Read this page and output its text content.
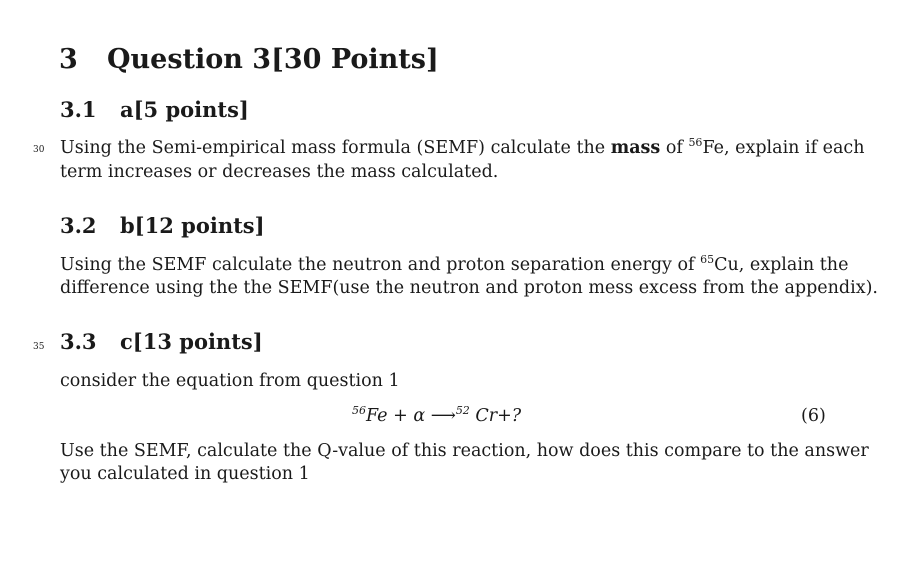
3 Question 3[30 Points]
3.1 a[5 points]
30 Using the Semi-empirical mass formula (SEMF) calculate the mass of $^{56}$Fe, explain if each
term increases or decreases the mass calculated.
3.2 b[12 points]
Using the SEMF calculate the neutron and proton separation energy of $^{65}$Cu, explain the
difference using the the SEMF(use the neutron and proton mess excess from the appendix).
35 3.3 c[13 points]
consider the equation from question 1
$^{56}$Fe + α ⟶$^{52}$ Cr+?	(6)
Use the SEMF, calculate the Q-value of this reaction, how does this compare to the answer
you calculated in question 1
